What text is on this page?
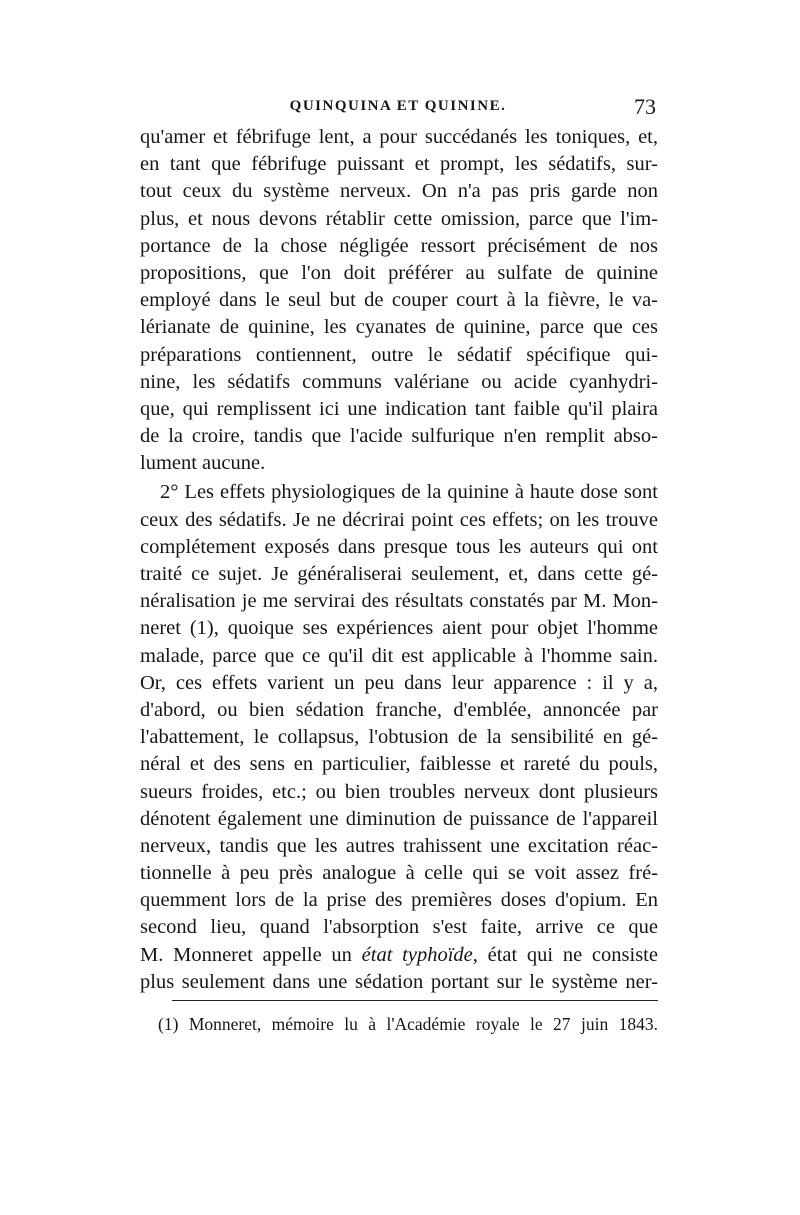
QUINQUINA ET QUININE.	73
qu'amer et fébrifuge lent, a pour succédanés les toniques, et,
en tant que fébrifuge puissant et prompt, les sédatifs, sur-
tout ceux du système nerveux. On n'a pas pris garde non
plus, et nous devons rétablir cette omission, parce que l'im-
portance de la chose négligée ressort précisément de nos
propositions, que l'on doit préférer au sulfate de quinine
employé dans le seul but de couper court à la fièvre, le va-
lérianate de quinine, les cyanates de quinine, parce que ces
préparations contiennent, outre le sédatif spécifique qui-
nine, les sédatifs communs valériane ou acide cyanhydri-
que, qui remplissent ici une indication tant faible qu'il plaira
de la croire, tandis que l'acide sulfurique n'en remplit abso-
lument aucune.
2° Les effets physiologiques de la quinine à haute dose sont
ceux des sédatifs. Je ne décrirai point ces effets; on les trouve
complétement exposés dans presque tous les auteurs qui ont
traité ce sujet. Je généraliserai seulement, et, dans cette gé-
néralisation je me servirai des résultats constatés par M. Mon-
neret (1), quoique ses expériences aient pour objet l'homme
malade, parce que ce qu'il dit est applicable à l'homme sain.
Or, ces effets varient un peu dans leur apparence : il y a,
d'abord, ou bien sédation franche, d'emblée, annoncée par
l'abattement, le collapsus, l'obtusion de la sensibilité en gé-
néral et des sens en particulier, faiblesse et rareté du pouls,
sueurs froides, etc.; ou bien troubles nerveux dont plusieurs
dénotent également une diminution de puissance de l'appareil
nerveux, tandis que les autres trahissent une excitation réac-
tionnelle à peu près analogue à celle qui se voit assez fré-
quemment lors de la prise des premières doses d'opium. En
second lieu, quand l'absorption s'est faite, arrive ce que
M. Monneret appelle un état typhoïde, état qui ne consiste
plus seulement dans une sédation portant sur le système ner-
(1) Monneret, mémoire lu à l'Académie royale le 27 juin 1843.
